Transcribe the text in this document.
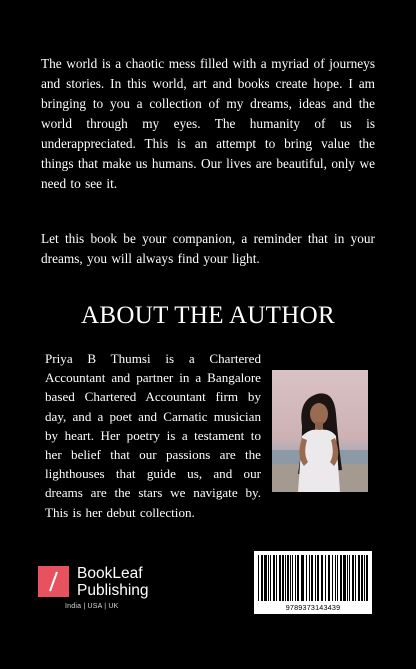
The world is a chaotic mess filled with a myriad of journeys and stories. In this world, art and books create hope. I am bringing to you a collection of my dreams, ideas and the world through my eyes. The humanity of us is underappreciated. This is an attempt to bring value the things that make us humans. Our lives are beautiful, only we need to see it.

Let this book be your companion, a reminder that in your dreams, you will always find your light.

ABOUT THE AUTHOR

Priya B Thumsi is a Chartered Accountant and partner in a Bangalore based Chartered Accountant firm by day, and a poet and Carnatic musician by heart. Her poetry is a testament to her belief that our passions are the lighthouses that guide us, and our dreams are the stars we navigate by. This is her debut collection.

BookLeaf
Publishing
India | USA | UK	9789373143439
